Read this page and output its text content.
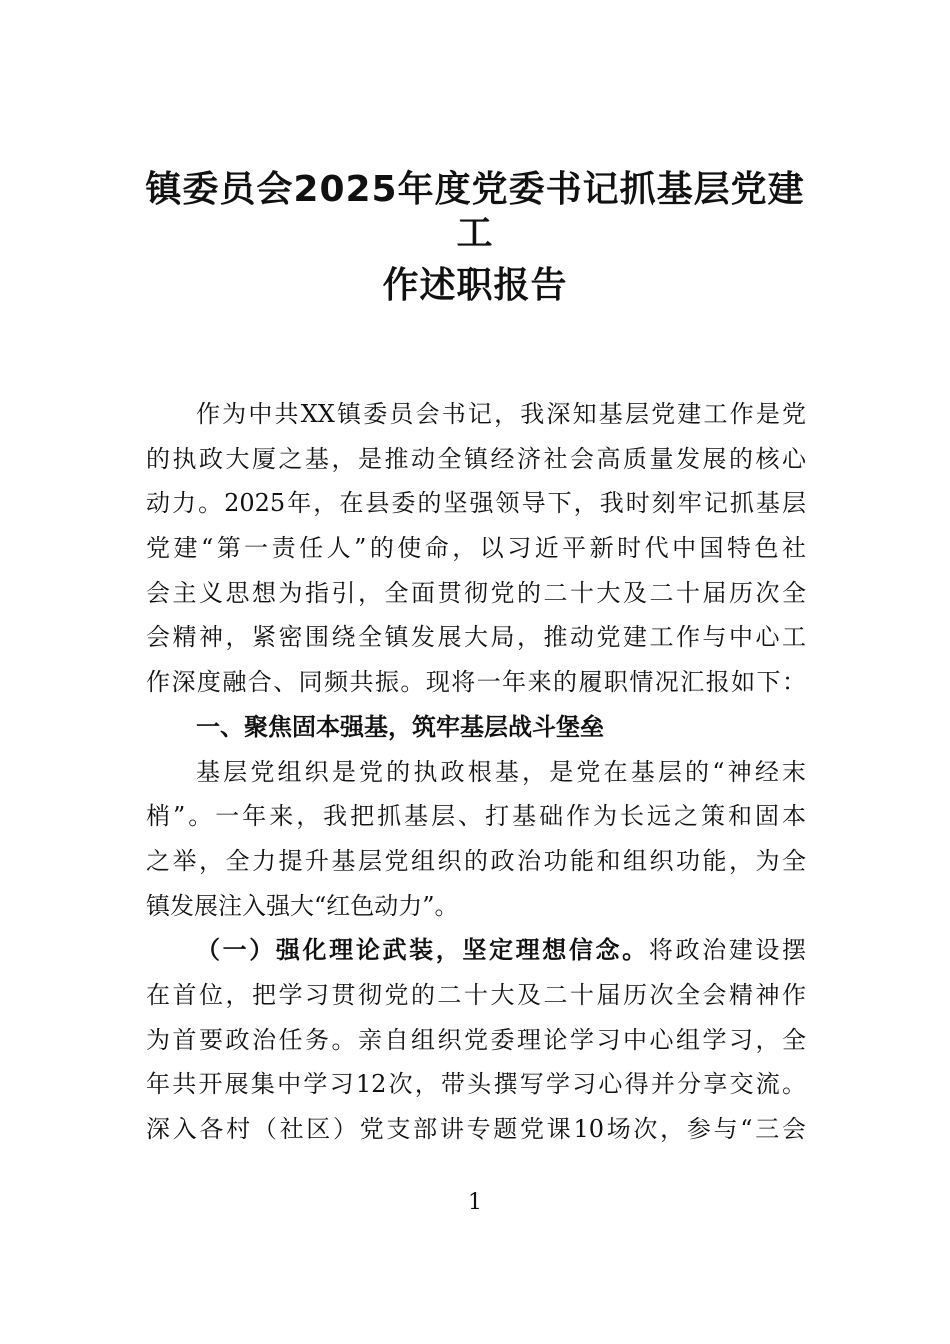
镇委员会2025年度党委书记抓基层党建工
作述职报告
作为中共XX镇委员会书记，我深知基层党建工作是党
的执政大厦之基，是推动全镇经济社会高质量发展的核心
动力。2025年，在县委的坚强领导下，我时刻牢记抓基层
党建“第一责任人”的使命，以习近平新时代中国特色社
会主义思想为指引，全面贯彻党的二十大及二十届历次全
会精神，紧密围绕全镇发展大局，推动党建工作与中心工
作深度融合、同频共振。现将一年来的履职情况汇报如下：
一、聚焦固本强基，筑牢基层战斗堡垒
基层党组织是党的执政根基，是党在基层的“神经末
梢”。一年来，我把抓基层、打基础作为长远之策和固本
之举，全力提升基层党组织的政治功能和组织功能，为全
镇发展注入强大“红色动力”。
（一）强化理论武装，坚定理想信念。将政治建设摆
在首位，把学习贯彻党的二十大及二十届历次全会精神作
为首要政治任务。亲自组织党委理论学习中心组学习，全
年共开展集中学习12次，带头撰写学习心得并分享交流。
深入各村（社区）党支部讲专题党课10场次，参与“三会
1
